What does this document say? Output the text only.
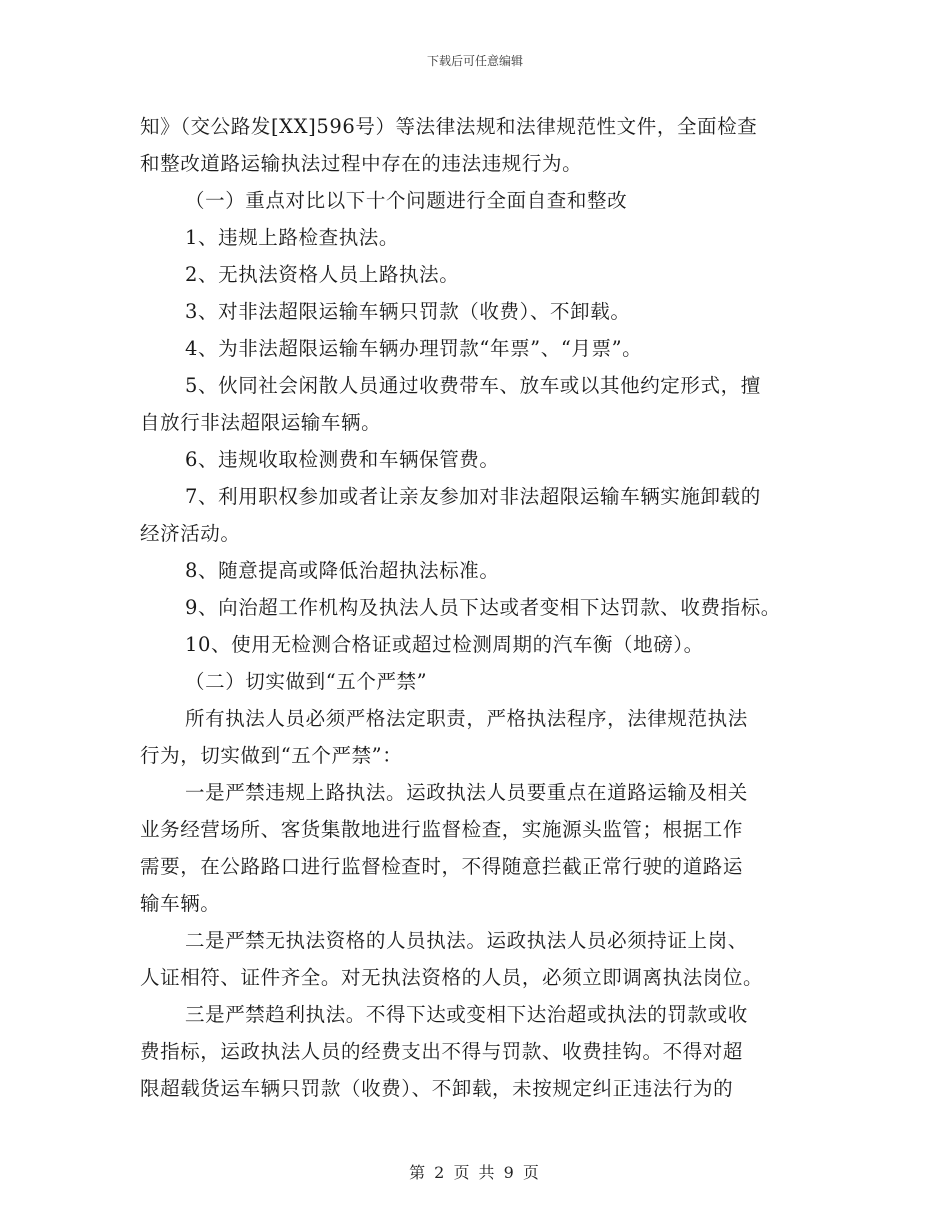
下载后可任意编辑
知》（交公路发[XX]596号）等法律法规和法律规范性文件，全面检查
和整改道路运输执法过程中存在的违法违规行为。
（一）重点对比以下十个问题进行全面自查和整改
1、违规上路检查执法。
2、无执法资格人员上路执法。
3、对非法超限运输车辆只罚款（收费）、不卸载。
4、为非法超限运输车辆办理罚款“年票”、“月票”。
5、伙同社会闲散人员通过收费带车、放车或以其他约定形式，擅
自放行非法超限运输车辆。
6、违规收取检测费和车辆保管费。
7、利用职权参加或者让亲友参加对非法超限运输车辆实施卸载的
经济活动。
8、随意提高或降低治超执法标准。
9、向治超工作机构及执法人员下达或者变相下达罚款、收费指标。
10、使用无检测合格证或超过检测周期的汽车衡（地磅）。
（二）切实做到“五个严禁”
所有执法人员必须严格法定职责，严格执法程序，法律规范执法
行为，切实做到“五个严禁”：
一是严禁违规上路执法。运政执法人员要重点在道路运输及相关
业务经营场所、客货集散地进行监督检查，实施源头监管；根据工作
需要，在公路路口进行监督检查时，不得随意拦截正常行驶的道路运
输车辆。
二是严禁无执法资格的人员执法。运政执法人员必须持证上岗、
人证相符、证件齐全。对无执法资格的人员，必须立即调离执法岗位。
三是严禁趋利执法。不得下达或变相下达治超或执法的罚款或收
费指标，运政执法人员的经费支出不得与罚款、收费挂钩。不得对超
限超载货运车辆只罚款（收费）、不卸载，未按规定纠正违法行为的
第 2 页 共 9 页
